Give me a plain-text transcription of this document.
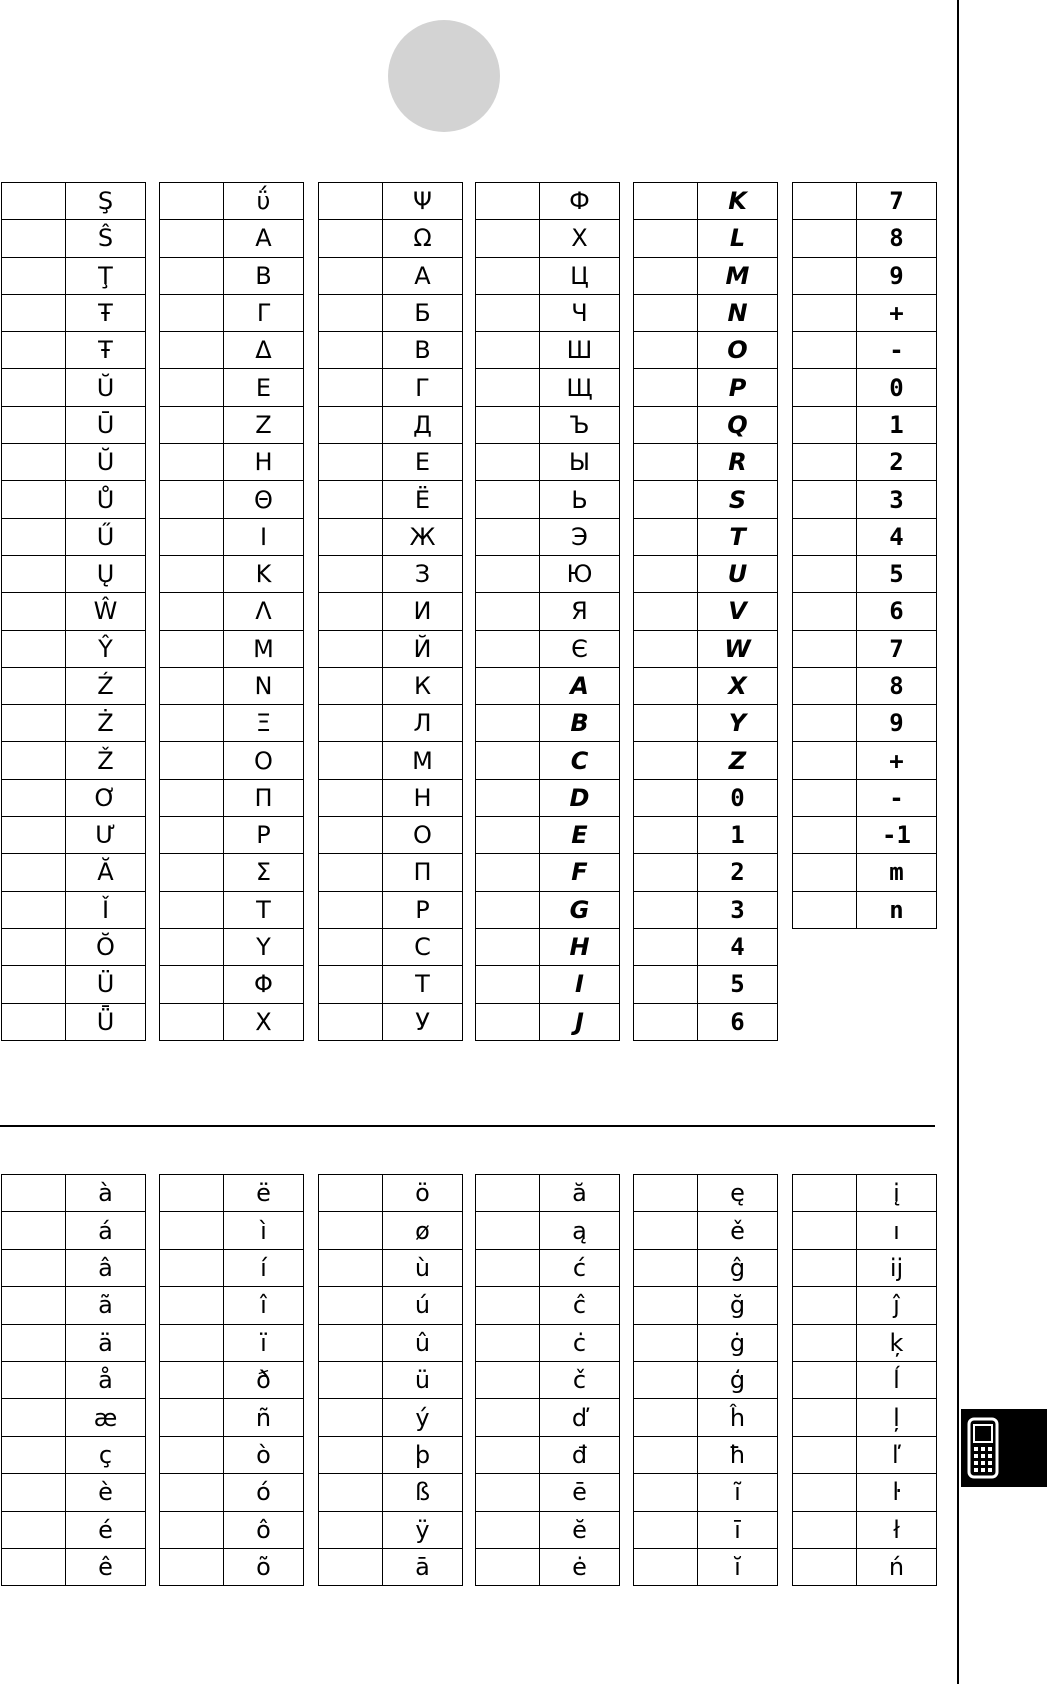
	Ş
	Ŝ
	Ţ
	Ŧ
	Ŧ
	Ŭ
	Ū
	Ŭ
	Ů
	Ű
	Ų
	Ŵ
	Ŷ
	Ź
	Ż
	Ž
	Ơ
	Ư
	Ă
	Ǐ
	Ŏ
	Ü
	Ǖ
	ΰ
	Α
	Β
	Γ
	Δ
	Ε
	Ζ
	Η
	Θ
	Ι
	Κ
	Λ
	Μ
	Ν
	Ξ
	Ο
	Π
	Ρ
	Σ
	Τ
	Υ
	Φ
	Χ
	Ψ
	Ω
	А
	Б
	В
	Г
	Д
	Е
	Ё
	Ж
	З
	И
	Й
	К
	Л
	М
	Н
	О
	П
	Р
	С
	Т
	У
	Ф
	Х
	Ц
	Ч
	Ш
	Щ
	Ъ
	Ы
	Ь
	Э
	Ю
	Я
	Є
	A
	B
	C
	D
	E
	F
	G
	H
	I
	J
	K
	L
	M
	N
	O
	P
	Q
	R
	S
	T
	U
	V
	W
	X
	Y
	Z
	0
	1
	2
	3
	4
	5
	6
	7
	8
	9
	+
	-
	0
	1
	2
	3
	4
	5
	6
	7
	8
	9
	+
	-
	-1
	m
	n
	à
	á
	â
	ã
	ä
	å
	æ
	ç
	è
	é
	ê
	ë
	ì
	í
	î
	ï
	ð
	ñ
	ò
	ó
	ô
	õ
	ö
	ø
	ù
	ú
	û
	ü
	ý
	þ
	ß
	ÿ
	ā
	ă
	ą
	ć
	ĉ
	ċ
	č
	ď
	đ
	ē
	ĕ
	ė
	ę
	ě
	ĝ
	ğ
	ġ
	ģ
	ĥ
	ħ
	ĩ
	ī
	ĭ
	į
	ı
	ĳ
	ĵ
	ķ
	ĺ
	ļ
	ľ
	ŀ
	ł
	ń
